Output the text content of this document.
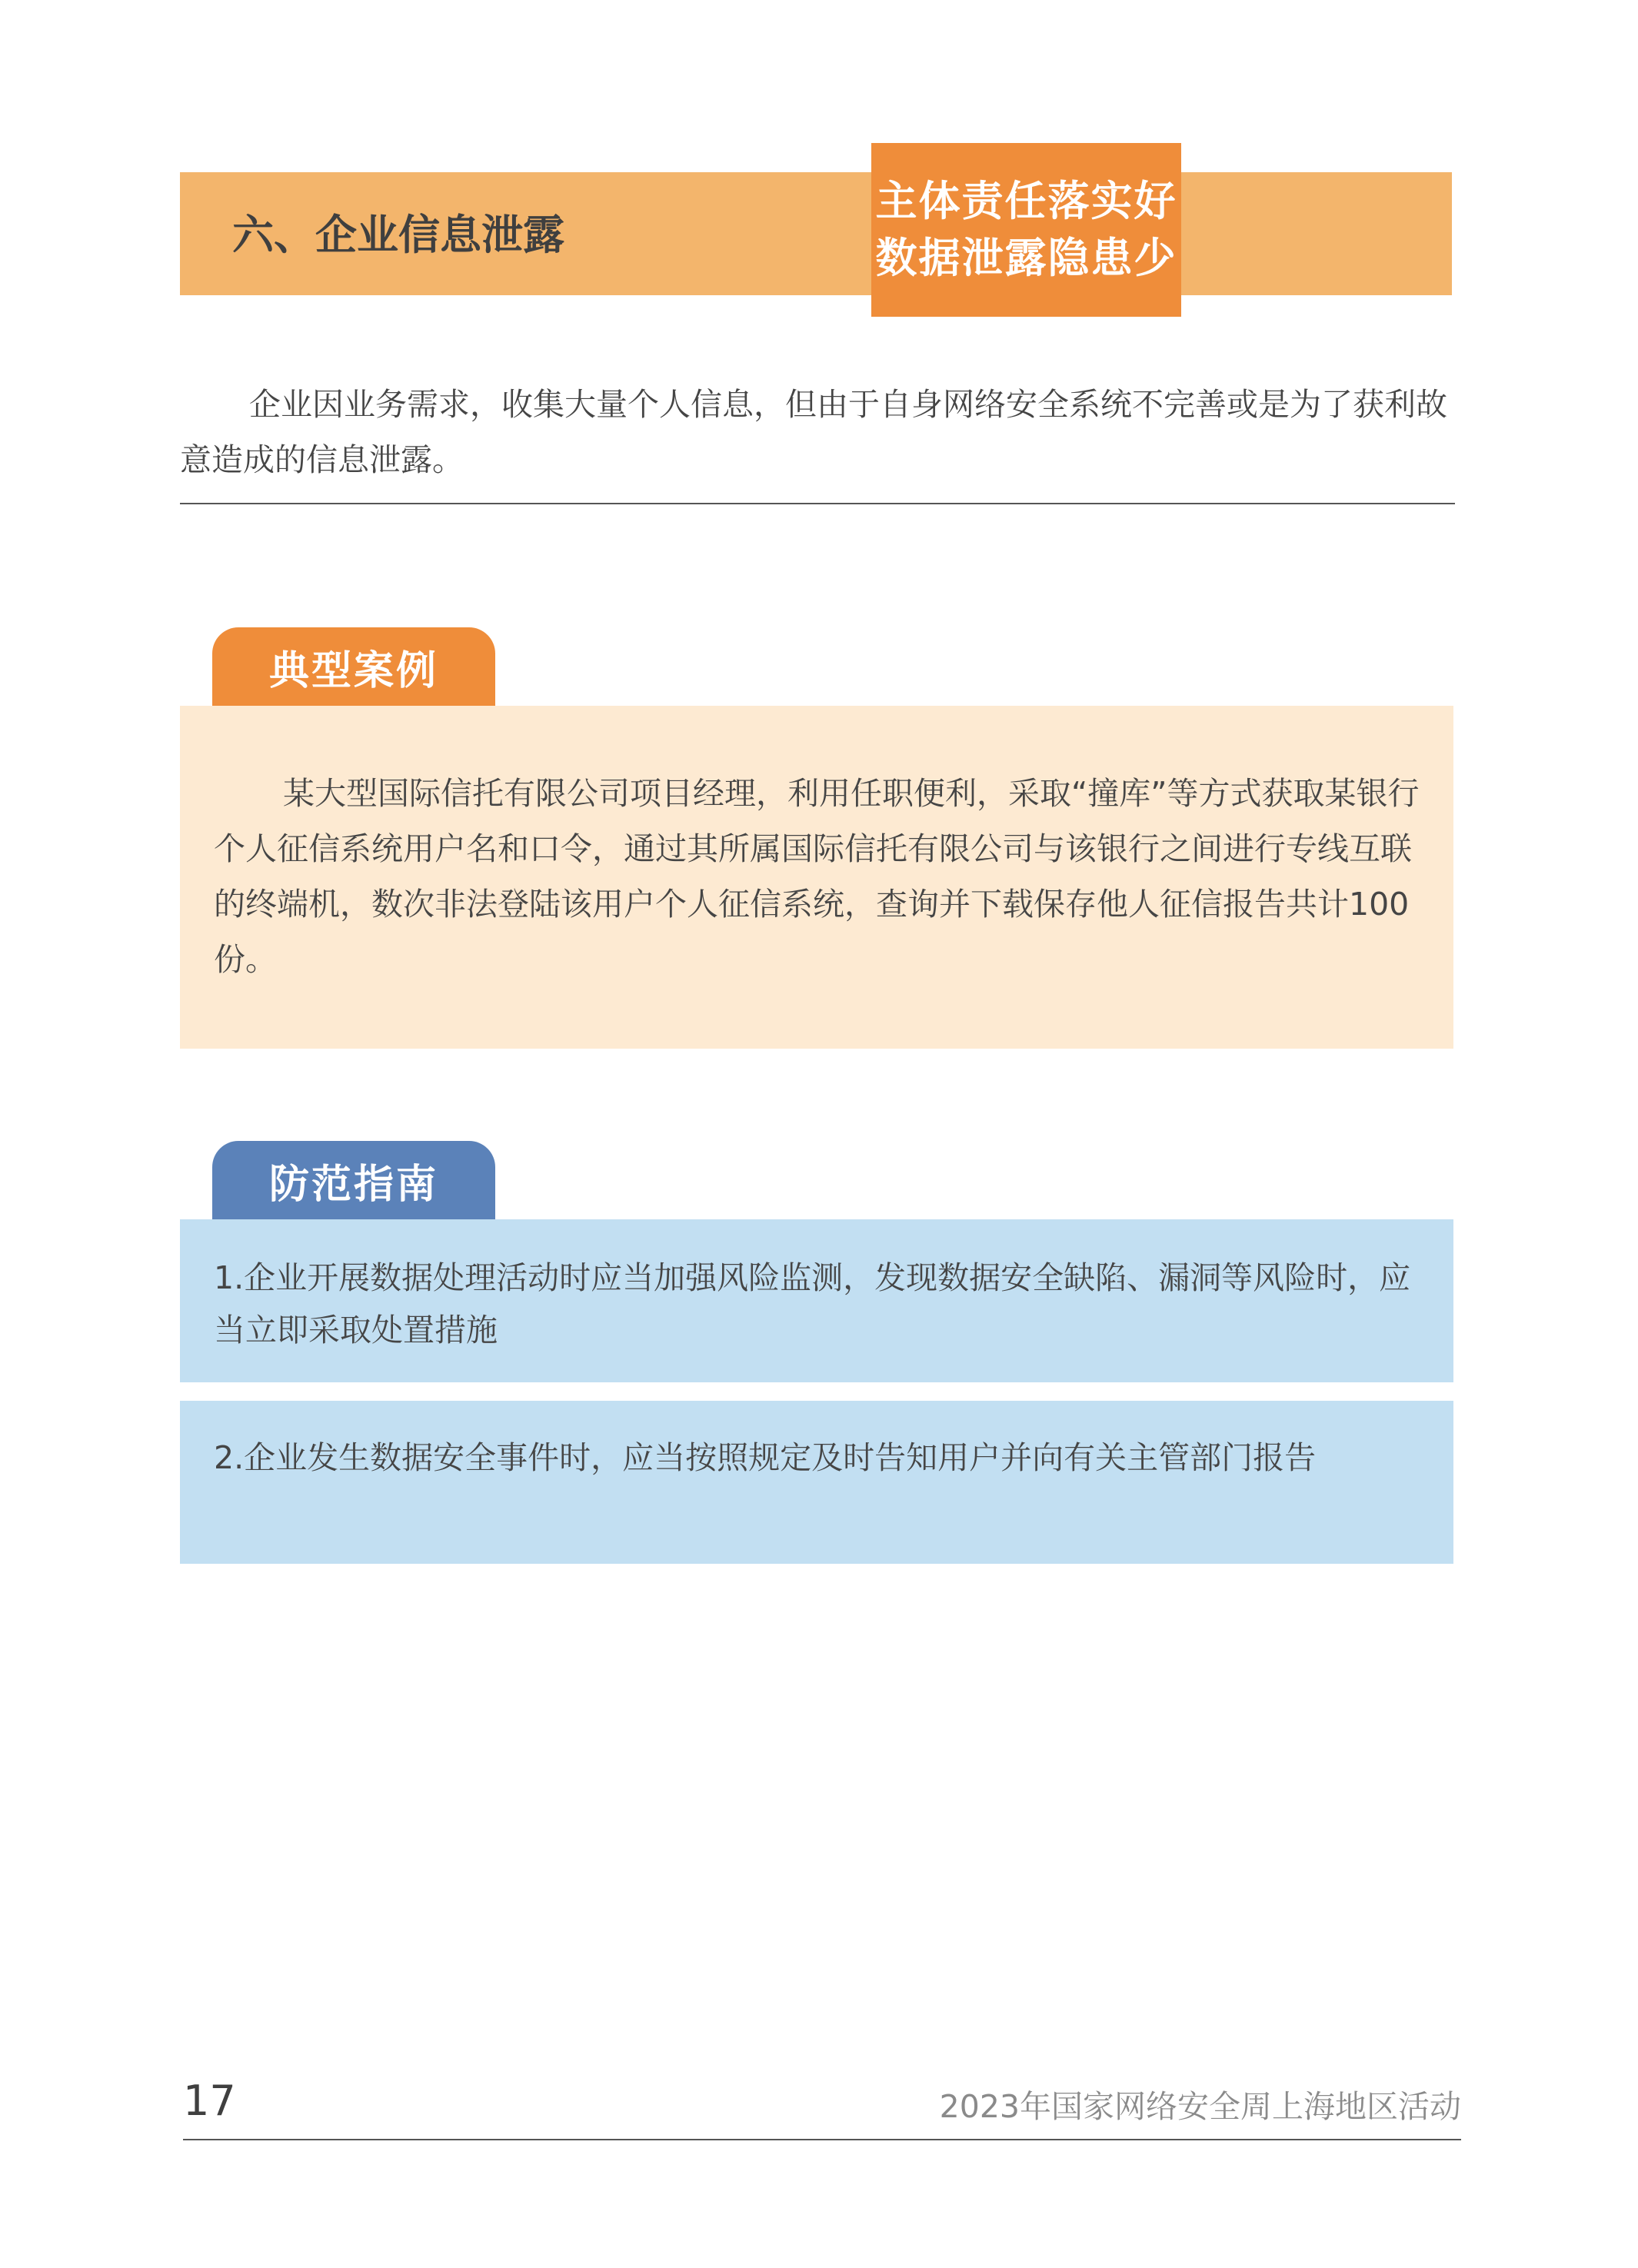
六、企业信息泄露
主体责任落实好
数据泄露隐患少
企业因业务需求，收集大量个人信息，但由于自身网络安全系统不完善或是为了获利故意造成的信息泄露。
典型案例
某大型国际信托有限公司项目经理，利用任职便利，采取“撞库”等方式获取某银行个人征信系统用户名和口令，通过其所属国际信托有限公司与该银行之间进行专线互联的终端机，数次非法登陆该用户个人征信系统，查询并下载保存他人征信报告共计100份。
防范指南
1.企业开展数据处理活动时应当加强风险监测，发现数据安全缺陷、漏洞等风险时，应当立即采取处置措施
2.企业发生数据安全事件时，应当按照规定及时告知用户并向有关主管部门报告
17	2023年国家网络安全周上海地区活动
